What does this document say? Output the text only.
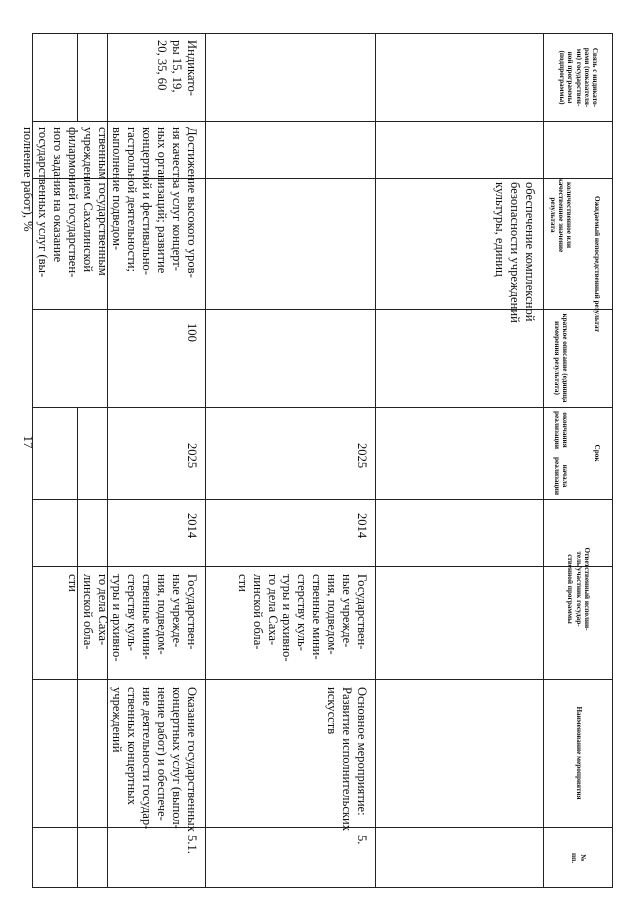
17
Связь с индикато-
рами (показателя-
ми) государствен-
ной программы
(подпрограммы)
количественное или
качественное значение
результата
краткое описание (единица
измерения результата)
Ожидаемый непосредственный результат
окончания
реализации
начала
реализации
Срок
Ответственный исполни-
тель/участник государ-
ственной программы
Наименование мероприятия
№
пп.
обеспечение комплексной
безопасности учреждений
культуры, единиц
Основное мероприятие:
Развитие исполнительских
искусств
5.
Государствен-
ные учрежде-
ния, подведом-
ственные мини-
стерству куль-
туры и архивно-
го дела Саха-
линской обла-
сти
2014
2025
Оказание государственных
концертных услуг (выпол-
нение работ) и обеспече-
ние деятельности государ-
ственных концертных
учреждений
5.1.
Государствен-
ные учрежде-
ния, подведом-
ственные мини-
стерству куль-
туры и архивно-
го дела Саха-
линской обла-
сти
2014
2025
Достижение высокого уров-
ня качества услуг концерт-
ных организаций; развитие
концертной и фестивально-
гастрольной деятельности;
выполнение подведом-
ственным государственным
учреждением Сахалинской
филармонией государствен-
ного задания на оказание
государственных услуг (вы-
полнение работ), %
100
Индикато-
ры 15, 19,
20, 35, 60
